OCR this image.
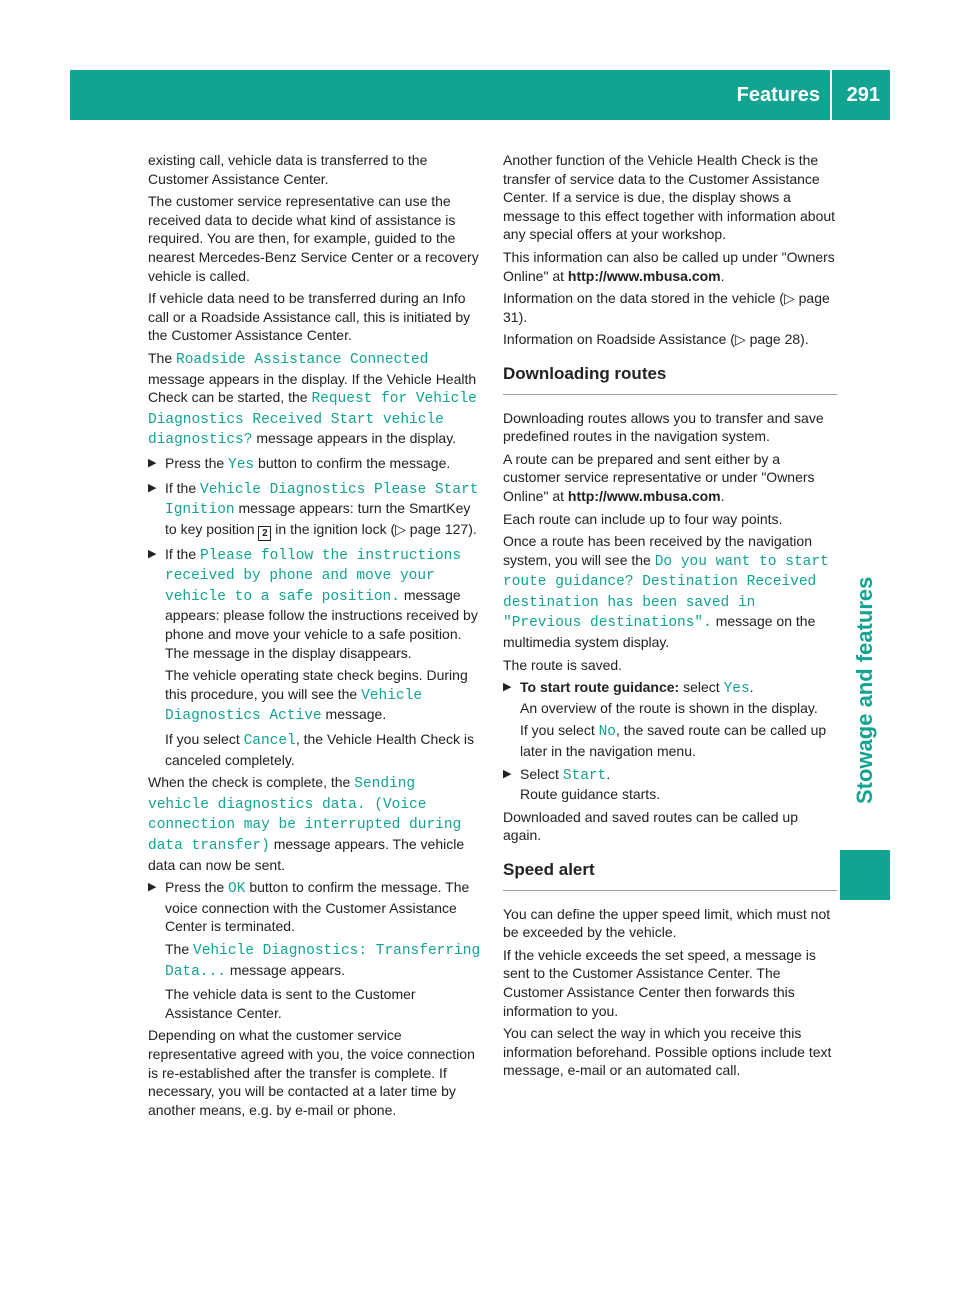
Features 291
Stowage and features

existing call, vehicle data is transferred to the Customer Assistance Center.

The customer service representative can use the received data to decide what kind of assistance is required. You are then, for example, guided to the nearest Mercedes-Benz Service Center or a recovery vehicle is called.

If vehicle data need to be transferred during an Info call or a Roadside Assistance call, this is initiated by the Customer Assistance Center.

The Roadside Assistance Connected message appears in the display. If the Vehicle Health Check can be started, the Request for Vehicle Diagnostics Received Start vehicle diagnostics? message appears in the display.

▶ Press the Yes button to confirm the message.
▶ If the Vehicle Diagnostics Please Start Ignition message appears: turn the SmartKey to key position 2 in the ignition lock (▷ page 127).
▶ If the Please follow the instructions received by phone and move your vehicle to a safe position. message appears: please follow the instructions received by phone and move your vehicle to a safe position.
The message in the display disappears.

The vehicle operating state check begins. During this procedure, you will see the Vehicle Diagnostics Active message.

If you select Cancel, the Vehicle Health Check is canceled completely.

When the check is complete, the Sending vehicle diagnostics data. (Voice connection may be interrupted during data transfer) message appears. The vehicle data can now be sent.

▶ Press the OK button to confirm the message. The voice connection with the Customer Assistance Center is terminated.

The Vehicle Diagnostics: Transferring Data... message appears.

The vehicle data is sent to the Customer Assistance Center.

Depending on what the customer service representative agreed with you, the voice connection is re-established after the transfer is complete. If necessary, you will be contacted at a later time by another means, e.g. by e-mail or phone.

Another function of the Vehicle Health Check is the transfer of service data to the Customer Assistance Center. If a service is due, the display shows a message to this effect together with information about any special offers at your workshop.

This information can also be called up under "Owners Online" at http://www.mbusa.com.

Information on the data stored in the vehicle (▷ page 31).

Information on Roadside Assistance (▷ page 28).

Downloading routes

Downloading routes allows you to transfer and save predefined routes in the navigation system.

A route can be prepared and sent either by a customer service representative or under "Owners Online" at http://www.mbusa.com.

Each route can include up to four way points.

Once a route has been received by the navigation system, you will see the Do you want to start route guidance? Destination Received destination has been saved in "Previous destinations". message on the multimedia system display.

The route is saved.

▶ To start route guidance: select Yes.
An overview of the route is shown in the display.

If you select No, the saved route can be called up later in the navigation menu.

▶ Select Start.
Route guidance starts.

Downloaded and saved routes can be called up again.

Speed alert

You can define the upper speed limit, which must not be exceeded by the vehicle.

If the vehicle exceeds the set speed, a message is sent to the Customer Assistance Center. The Customer Assistance Center then forwards this information to you.

You can select the way in which you receive this information beforehand. Possible options include text message, e-mail or an automated call.
